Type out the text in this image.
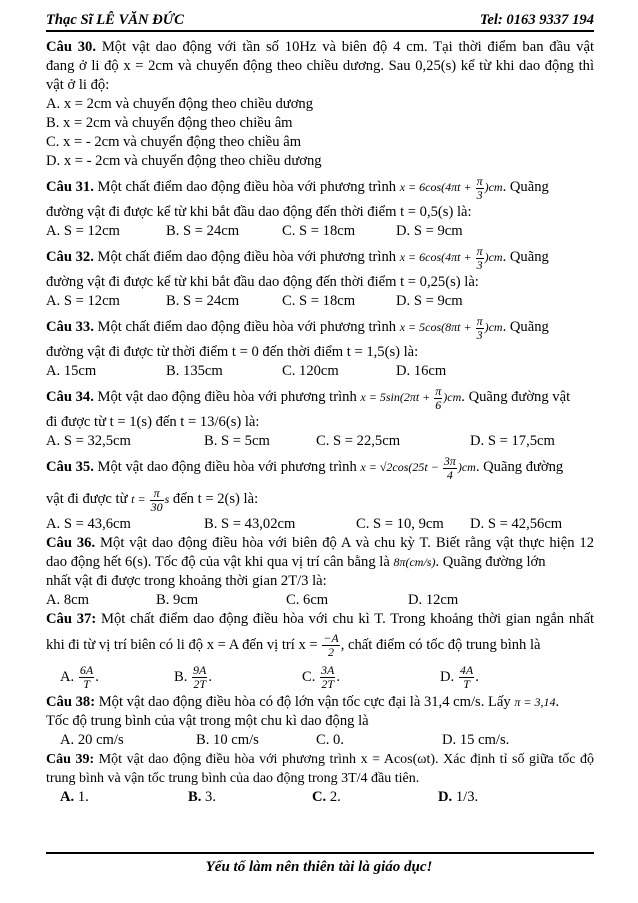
Thạc Sĩ LÊ VĂN ĐỨC	Tel: 0163 9337 194
Câu 30. Một vật dao động với tần số 10Hz và biên độ 4 cm. Tại thời điểm ban đầu vật
đang ở li độ x = 2cm và chuyển động theo chiều dương. Sau 0,25(s) kể từ khi dao động thì
vật ở li độ:
A. x = 2cm và chuyển động theo chiều dương
B. x = 2cm và chuyển động theo chiều âm
C. x = - 2cm và chuyển động theo chiều âm
D. x = - 2cm và chuyển động theo chiều dương
Câu 31. Một chất điểm dao động điều hòa với phương trình $x = 6\cos(4\pi t + \frac{\pi}{3} )cm$. Quãng
đường vật đi được kể từ khi bắt đầu dao động đến thời điểm t = 0,5(s) là:
A. S = 12cm	B. S = 24cm	C. S = 18cm	D. S = 9cm
Câu 32. Một chất điểm dao động điều hòa với phương trình $x = 6\cos(4\pi t + \frac{\pi}{3} )cm$. Quãng
đường vật đi được kể từ khi bắt đầu dao động đến thời điểm t = 0,25(s) là:
A. S = 12cm	B. S = 24cm	C. S = 18cm	D. S = 9cm
Câu 33. Một chất điểm dao động điều hòa với phương trình $x = 5\cos(8\pi t + \frac{\pi}{3} )cm$. Quãng
đường vật đi được từ thời điểm t = 0 đến thời điểm t = 1,5(s) là:
A. 15cm	B. 135cm	C. 120cm	D. 16cm
Câu 34. Một vật dao động điều hòa với phương trình $x = 5\sin(2\pi t + \frac{\pi}{6} )cm$. Quãng đường vật
đi được từ t = 1(s) đến t = 13/6(s) là:
A. S = 32,5cm	B. S = 5cm	C. S = 22,5cm	D. S = 17,5cm
Câu 35. Một vật dao động điều hòa với phương trình $x = √2\cos(25t - \frac{3\pi}{4} )cm$. Quãng đường
vật đi được từ $t = \frac{\pi}{30}$ s đến t = 2(s) là:
A. S = 43,6cm	B. S = 43,02cm	C. S = 10, 9cm D. S = 42,56cm
Câu 36. Một vật dao động điều hòa với biên độ A và chu kỳ T. Biết rằng vật thực hiện 12
dao động hết 6(s). Tốc độ của vật khi qua vị trí cân bằng là 8π(cm/s). Quãng đường lớn
nhất vật đi được trong khoảng thời gian 2T/3 là:
A. 8cm	B. 9cm	C. 6cm	D. 12cm
Câu 37: Một chất điểm dao động điều hòa với chu kì T. Trong khoảng thời gian ngắn nhất
khi đi từ vị trí biên có li độ x = A đến vị trí $x = \frac{-A}{2}$ , chất điểm có tốc độ trung bình là
A. $\frac{6A}{T}$ .	B. $\frac{9A}{2T}$ .	C. $\frac{3A}{2T}$ .	D. $\frac{4A}{T}$ .
Câu 38: Một vật dao động điều hòa có độ lớn vận tốc cực đại là 31,4 cm/s. Lấy π = 3,14.
Tốc độ trung bình của vật trong một chu kì dao động là
A. 20 cm/s	B. 10 cm/s	C. 0.	D. 15 cm/s.
Câu 39: Một vật dao động điều hòa với phương trình x = Acos(ωt). Xác định tỉ số giữa tốc độ
trung bình và vận tốc trung bình của dao động trong 3T/4 đầu tiên.
A. 1.	B. 3.	C. 2.	D. 1/3.
Yếu tố làm nên thiên tài là giáo dục!
